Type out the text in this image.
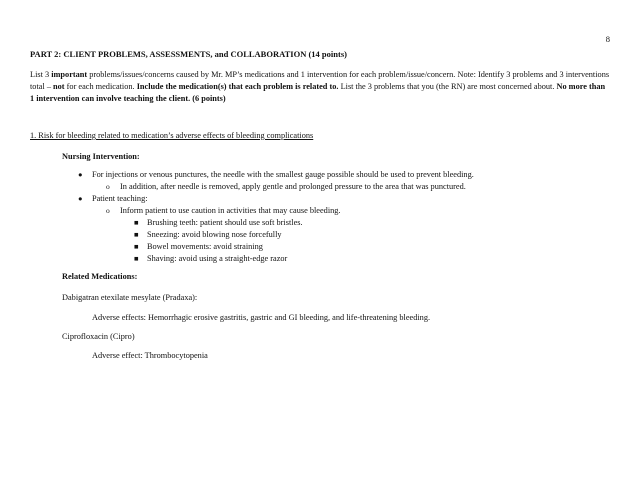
8
PART 2: CLIENT PROBLEMS, ASSESSMENTS, and COLLABORATION (14 points)
List 3 important problems/issues/concerns caused by Mr. MP’s medications and 1 intervention for each problem/issue/concern. Note: Identify 3 problems and 3 interventions total – not for each medication. Include the medication(s) that each problem is related to. List the 3 problems that you (the RN) are most concerned about. No more than 1 intervention can involve teaching the client. (6 points)
1. Risk for bleeding related to medication’s adverse effects of bleeding complications
Nursing Intervention:
● For injections or venous punctures, the needle with the smallest gauge possible should be used to prevent bleeding.
o In addition, after needle is removed, apply gentle and prolonged pressure to the area that was punctured.
● Patient teaching:
o Inform patient to use caution in activities that may cause bleeding.
■ Brushing teeth: patient should use soft bristles.
■ Sneezing: avoid blowing nose forcefully
■ Bowel movements: avoid straining
■ Shaving: avoid using a straight-edge razor
Related Medications:
Dabigatran etexilate mesylate (Pradaxa):
Adverse effects: Hemorrhagic erosive gastritis, gastric and GI bleeding, and life-threatening bleeding.
Ciprofloxacin (Cipro)
Adverse effect: Thrombocytopenia
